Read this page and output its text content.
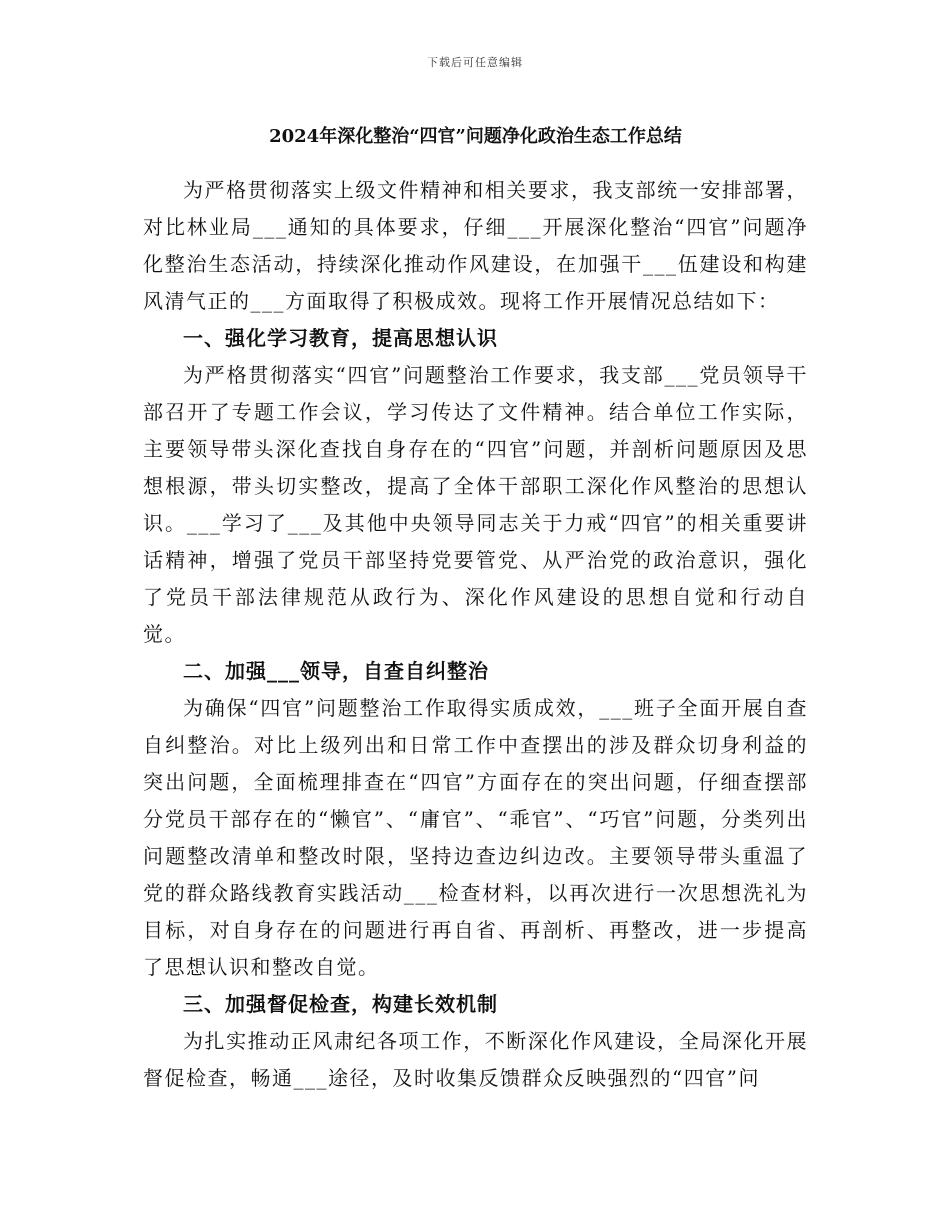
下载后可任意编辑
2024年深化整治“四官”问题净化政治生态工作总结

为严格贯彻落实上级文件精神和相关要求，我支部统一安排部署，对比林业局___通知的具体要求，仔细___开展深化整治“四官”问题净化整治生态活动，持续深化推动作风建设，在加强干___伍建设和构建风清气正的___方面取得了积极成效。现将工作开展情况总结如下：

一、强化学习教育，提高思想认识

为严格贯彻落实“四官”问题整治工作要求，我支部___党员领导干部召开了专题工作会议，学习传达了文件精神。结合单位工作实际，主要领导带头深化查找自身存在的“四官”问题，并剖析问题原因及思想根源，带头切实整改，提高了全体干部职工深化作风整治的思想认识。___学习了___及其他中央领导同志关于力戒“四官”的相关重要讲话精神，增强了党员干部坚持党要管党、从严治党的政治意识，强化了党员干部法律规范从政行为、深化作风建设的思想自觉和行动自觉。

二、加强___领导，自查自纠整治

为确保“四官”问题整治工作取得实质成效，___班子全面开展自查自纠整治。对比上级列出和日常工作中查摆出的涉及群众切身利益的突出问题，全面梳理排查在“四官”方面存在的突出问题，仔细查摆部分党员干部存在的“懒官”、“庸官”、“乖官”、“巧官”问题，分类列出问题整改清单和整改时限，坚持边查边纠边改。主要领导带头重温了党的群众路线教育实践活动___检查材料，以再次进行一次思想洗礼为目标，对自身存在的问题进行再自省、再剖析、再整改，进一步提高了思想认识和整改自觉。

三、加强督促检查，构建长效机制

为扎实推动正风肃纪各项工作，不断深化作风建设，全局深化开展督促检查，畅通___途径，及时收集反馈群众反映强烈的“四官”问
